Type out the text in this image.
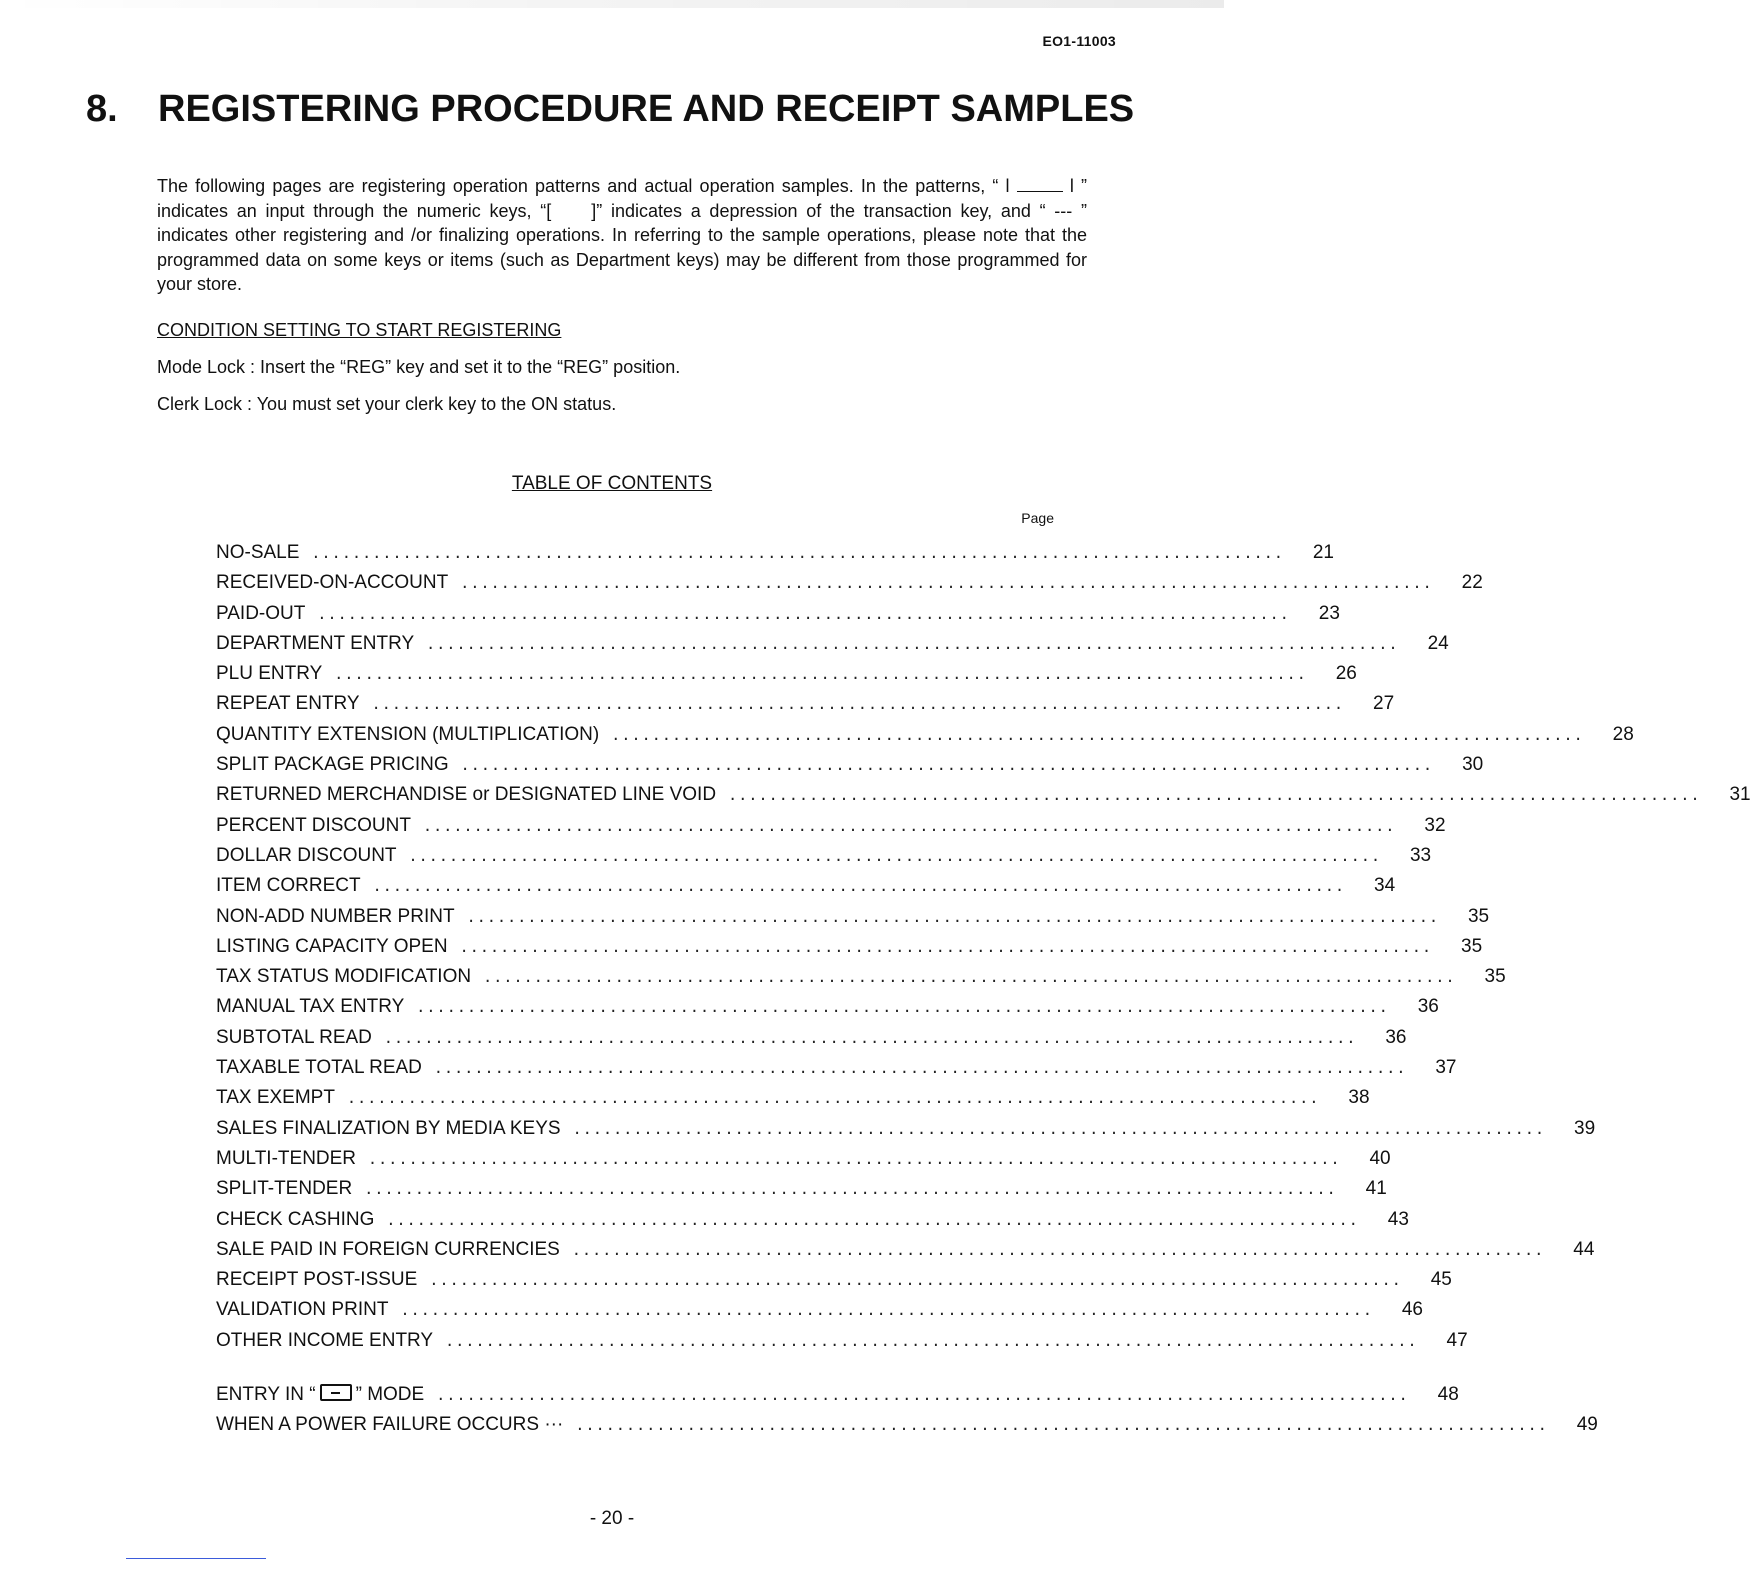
EO1-11003
8. REGISTERING PROCEDURE AND RECEIPT SAMPLES

The following pages are registering operation patterns and actual operation samples. In the patterns, “ l	l ” indicates an input through the numeric keys, “[ ]” indicates a depression of the transaction key, and “ --- ” indicates other registering and /or finalizing operations. In referring to the sample operations, please note that the programmed data on some keys or items (such as Department keys) may be different from those programmed for your store.

CONDITION SETTING TO START REGISTERING
Mode Lock : Insert the “REG” key and set it to the “REG” position.
Clerk Lock : You must set your clerk key to the ON status.
TABLE OF CONTENTS
Page
NO-SALE ................................................................................................	21
RECEIVED-ON-ACCOUNT ................................................................................................	22
PAID-OUT ................................................................................................	23
DEPARTMENT ENTRY ................................................................................................	24
PLU ENTRY ................................................................................................	26
REPEAT ENTRY ................................................................................................	27
QUANTITY EXTENSION (MULTIPLICATION) ................................................................................................	28
SPLIT PACKAGE PRICING ................................................................................................	30
RETURNED MERCHANDISE or DESIGNATED LINE VOID ................................................................................................	31
PERCENT DISCOUNT ................................................................................................	32
DOLLAR DISCOUNT ................................................................................................	33
ITEM CORRECT ................................................................................................	34
NON-ADD NUMBER PRINT ................................................................................................	35
LISTING CAPACITY OPEN ................................................................................................	35
TAX STATUS MODIFICATION ................................................................................................	35
MANUAL TAX ENTRY ................................................................................................	36
SUBTOTAL READ ................................................................................................	36
TAXABLE TOTAL READ ................................................................................................	37
TAX EXEMPT ................................................................................................	38
SALES FINALIZATION BY MEDIA KEYS ................................................................................................	39
MULTI-TENDER ................................................................................................	40
SPLIT-TENDER ................................................................................................	41
CHECK CASHING ................................................................................................	43
SALE PAID IN FOREIGN CURRENCIES ................................................................................................	44
RECEIPT POST-ISSUE ................................................................................................	45
VALIDATION PRINT ................................................................................................	46
OTHER INCOME ENTRY ................................................................................................	47
ENTRY IN “ ” MODE ................................................................................................	48
WHEN A POWER FAILURE OCCURS ··· ................................................................................................	49
- 20 -
